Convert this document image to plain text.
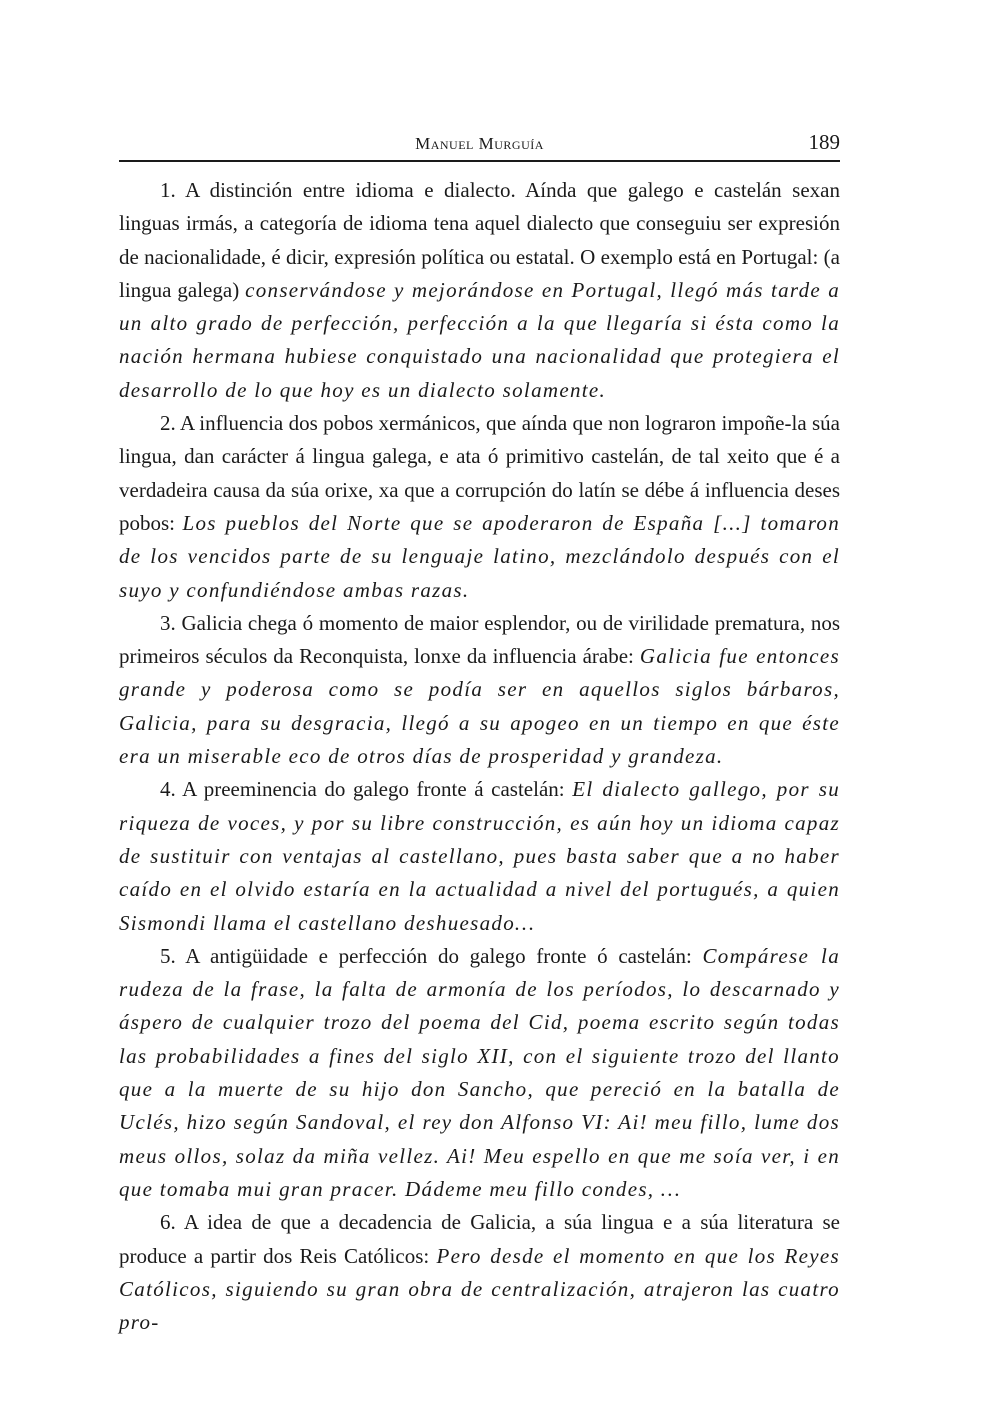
Manuel Murguía	189

1. A distinción entre idioma e dialecto. Aínda que galego e castelán sexan linguas irmás, a categoría de idioma tena aquel dialecto que conseguiu ser expresión de nacionalidade, é dicir, expresión política ou estatal. O exemplo está en Portugal: (a lingua galega) conservándose y mejorándose en Portugal, llegó más tarde a un alto grado de perfección, perfección a la que llegaría si ésta como la nación hermana hubiese conquistado una nacionalidad que protegiera el desarrollo de lo que hoy es un dialecto solamente.

2. A influencia dos pobos xermánicos, que aínda que non lograron impoñe-la súa lingua, dan carácter á lingua galega, e ata ó primitivo castelán, de tal xeito que é a verdadeira causa da súa orixe, xa que a corrupción do latín se débe á influencia deses pobos: Los pueblos del Norte que se apoderaron de España [...] tomaron de los vencidos parte de su lenguaje latino, mezclándolo después con el suyo y confundiéndose ambas razas.

3. Galicia chega ó momento de maior esplendor, ou de virilidade prematura, nos primeiros séculos da Reconquista, lonxe da influencia árabe: Galicia fue entonces grande y poderosa como se podía ser en aquellos siglos bárbaros, Galicia, para su desgracia, llegó a su apogeo en un tiempo en que éste era un miserable eco de otros días de prosperidad y grandeza.

4. A preeminencia do galego fronte á castelán: El dialecto gallego, por su riqueza de voces, y por su libre construcción, es aún hoy un idioma capaz de sustituir con ventajas al castellano, pues basta saber que a no haber caído en el olvido estaría en la actualidad a nivel del portugués, a quien Sismondi llama el castellano deshuesado…

5. A antigüidade e perfección do galego fronte ó castelán: Compárese la rudeza de la frase, la falta de armonía de los períodos, lo descarnado y áspero de cualquier trozo del poema del Cid, poema escrito según todas las probabilidades a fines del siglo XII, con el siguiente trozo del llanto que a la muerte de su hijo don Sancho, que pereció en la batalla de Uclés, hizo según Sandoval, el rey don Alfonso VI: Ai! meu fillo, lume dos meus ollos, solaz da miña vellez. Ai! Meu espello en que me soía ver, i en que tomaba mui gran pracer. Dádeme meu fillo condes, …

6. A idea de que a decadencia de Galicia, a súa lingua e a súa literatura se produce a partir dos Reis Católicos: Pero desde el momento en que los Reyes Católicos, siguiendo su gran obra de centralización, atrajeron las cuatro pro-
